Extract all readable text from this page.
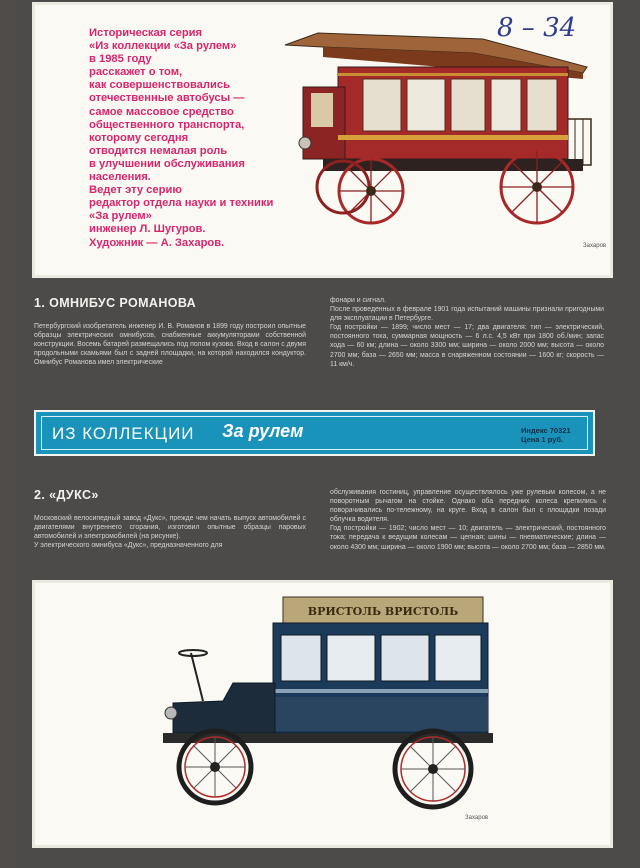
8 – 34
Историческая серия
«Из коллекции «За рулем»
в 1985 году
расскажет о том,
как совершенствовались
отечественные автобусы —
самое массовое средство
общественного транспорта,
которому сегодня
отводится немалая роль
в улучшении обслуживания
населения.
Ведет эту серию
редактор отдела науки и техники
«За рулем»
инженер Л. Шугуров.
Художник — А. Захаров.	Захаров
1. ОМНИБУС РОМАНОВА
Петербургский изобретатель инженер И. В. Романов в 1899 году построил опытные образцы электрических омнибусов, снабженные аккумуляторами собственной конструкции. Восемь батарей размещались под полом кузова. Вход в салон с двумя продольными скамьями был с задней площадки, на которой находился кондуктор. Омнибус Романова имел электрические
фонари и сигнал.
После проведенных в феврале 1901 года испытаний машины признали пригодными для эксплуатации в Петербурге.
Год постройки — 1899; число мест — 17; два двигателя: тип — электрический, постоянного тока, суммарная мощность — 6 л.с. 4,5 кВт при 1800 об./мин; запас хода — 60 км; длина — около 3300 мм; ширина — около 2000 мм; высота — около 2700 мм; база — 2650 мм; масса в снаряженном состоянии — 1600 кг; скорость — 11 км/ч.
ИЗ КОЛЛЕКЦИИ За рулем	Индекс 70321
Цена 1 руб.
2. «ДУКС»
Московский велосипедный завод «Дукс», прежде чем начать выпуск автомобилей с двигателями внутреннего сгорания, изготовил опытные образцы паровых автомобилей и электромобилей (на рисунке).
У электрического омнибуса «Дукс», предназначенного для
обслуживания гостиниц, управление осуществлялось уже рулевым колесом, а не поворотным рычагом на стойке. Однако оба передних колеса крепились к поворачивались по-тележному, на круге. Вход в салон был с площадки позади облучка водителя.
Год постройки — 1902; число мест — 10; двигатель — электрический, постоянного тока; передача к ведущим колесам — цепная; шины — пневматические; длина — около 4300 мм; ширина — около 1900 мм; высота — около 2700 мм; база — 2850 мм.
ВРИСТОЛЬ ВРИСТОЛЬ
Захаров
